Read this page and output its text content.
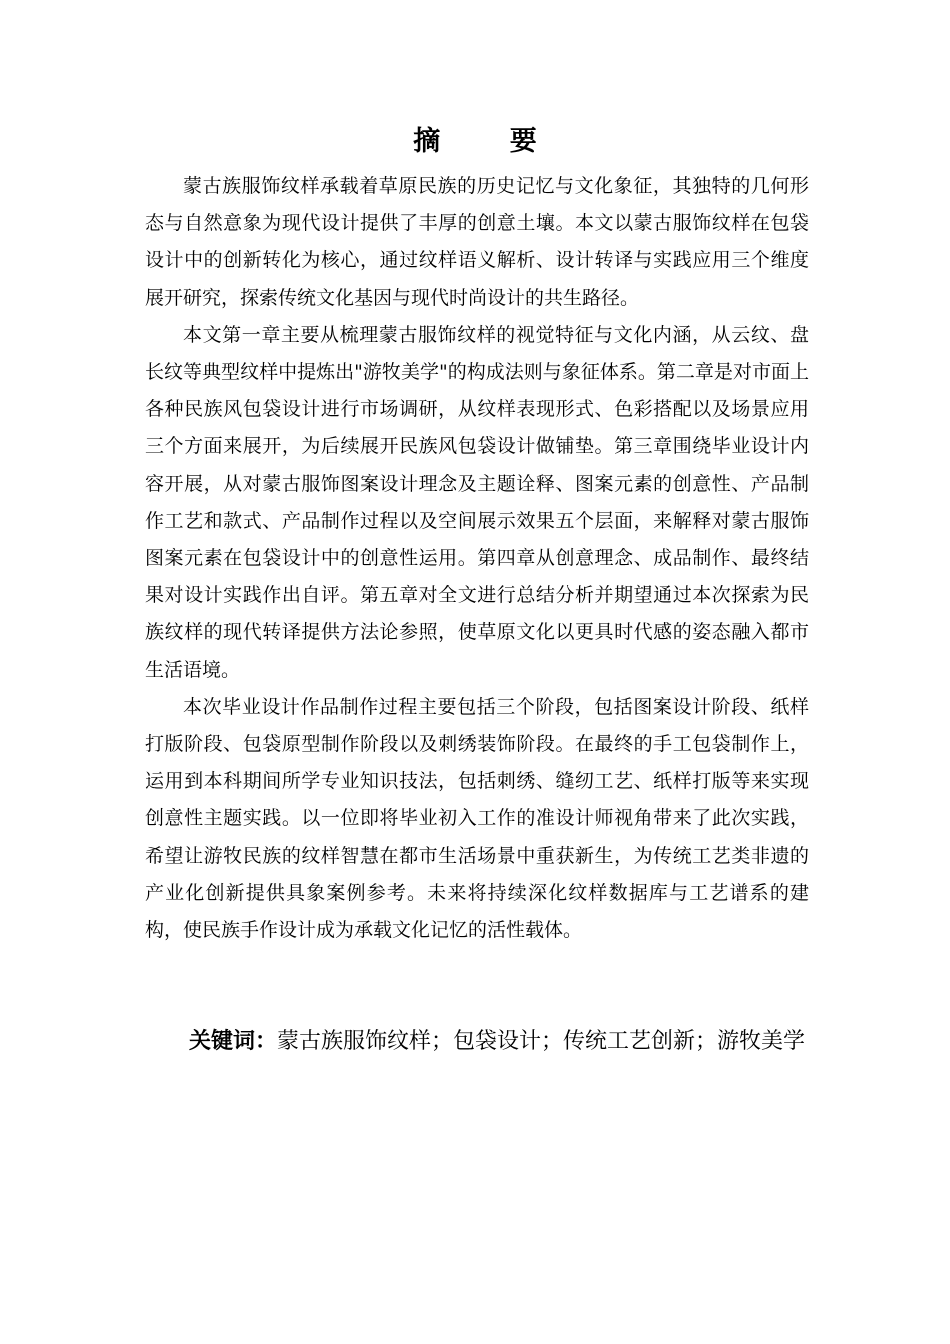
摘 要

蒙古族服饰纹样承载着草原民族的历史记忆与文化象征，其独特的几何形态与自然意象为现代设计提供了丰厚的创意土壤。本文以蒙古服饰纹样在包袋设计中的创新转化为核心，通过纹样语义解析、设计转译与实践应用三个维度展开研究，探索传统文化基因与现代时尚设计的共生路径。

本文第一章主要从梳理蒙古服饰纹样的视觉特征与文化内涵，从云纹、盘长纹等典型纹样中提炼出"游牧美学"的构成法则与象征体系。第二章是对市面上各种民族风包袋设计进行市场调研，从纹样表现形式、色彩搭配以及场景应用三个方面来展开，为后续展开民族风包袋设计做铺垫。第三章围绕毕业设计内容开展，从对蒙古服饰图案设计理念及主题诠释、图案元素的创意性、产品制作工艺和款式、产品制作过程以及空间展示效果五个层面，来解释对蒙古服饰图案元素在包袋设计中的创意性运用。第四章从创意理念、成品制作、最终结果对设计实践作出自评。第五章对全文进行总结分析并期望通过本次探索为民族纹样的现代转译提供方法论参照，使草原文化以更具时代感的姿态融入都市生活语境。

本次毕业设计作品制作过程主要包括三个阶段，包括图案设计阶段、纸样打版阶段、包袋原型制作阶段以及刺绣装饰阶段。在最终的手工包袋制作上，运用到本科期间所学专业知识技法，包括刺绣、缝纫工艺、纸样打版等来实现创意性主题实践。以一位即将毕业初入工作的准设计师视角带来了此次实践，希望让游牧民族的纹样智慧在都市生活场景中重获新生，为传统工艺类非遗的产业化创新提供具象案例参考。未来将持续深化纹样数据库与工艺谱系的建构，使民族手作设计成为承载文化记忆的活性载体。

关键词：蒙古族服饰纹样；包袋设计；传统工艺创新；游牧美学
